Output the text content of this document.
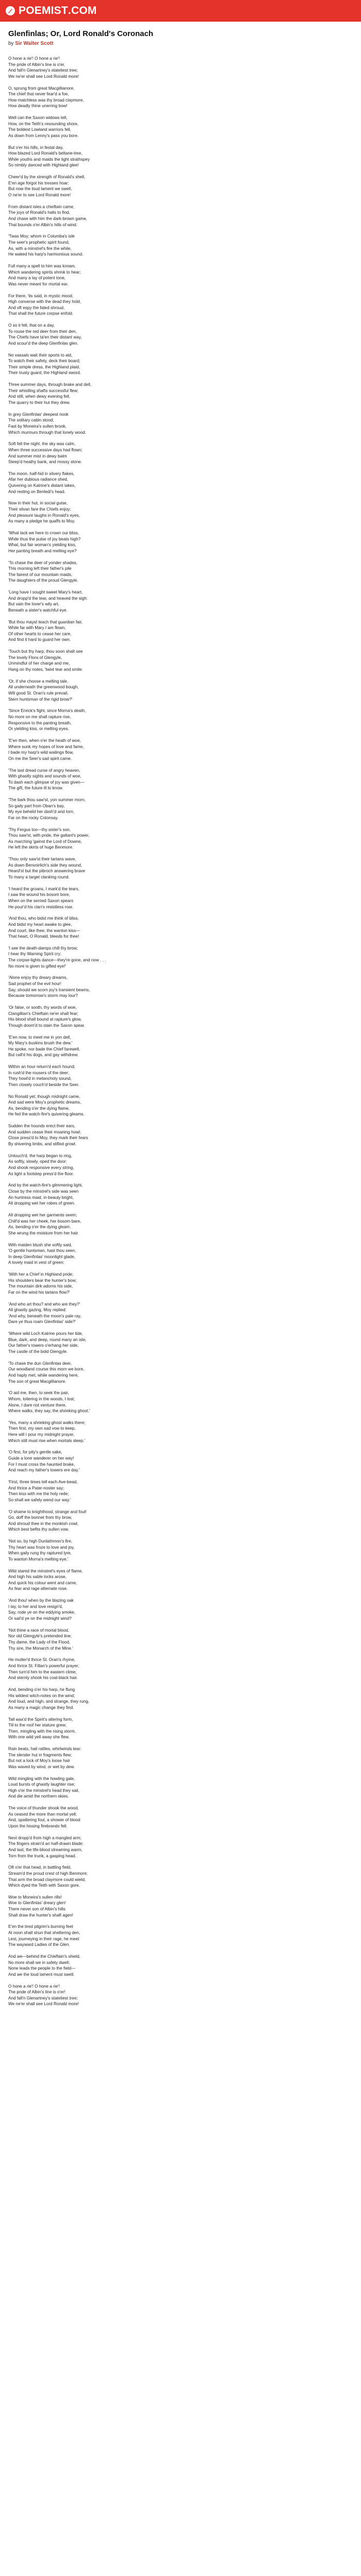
POEMIST .COM
Glenfinlas; Or, Lord Ronald's Coronach
by Sir Walter Scott
O hone a rie'! O hone a rie'!
The pride of Albin's line is o'er,
And fall'n Glenartney's stateliest tree;
We ne'er shall see Lord Ronald more!
O, sprung from great Macgillianore,
The chief that never fear'd a foe,
How matchless was thy broad claymore,
How deadly thine unerring bow!
Well can the Saxon widows tell,
How, on the Teith's resounding shore,
The boldest Lowland warriors fell,
As down from Lenny's pass you bore.
But o'er his hills, in festal day,
How blazed Lord Ronald's beltane-tree,
While youths and maids the light strathspey
So nimbly danced with Highland glee!
Cheer'd by the strength of Ronald's shell,
E'en age forgot his tresses hoar;
But now the loud lament we swell,
O ne'er to see Lord Ronald more!
From distant isles a chieftain came,
The joys of Ronald's halls to find,
And chase with him the dark-brown game,
That bounds o'er Albin's hills of wind.
'Twas Moy; whom in Columba's isle
The seer's prophetic spirit found,
As, with a minstrel's fire the while,
He waked his harp's harmonious sound.
Full many a spell to him was known,
Which wandering spirits shrink to hear;
And many a lay of potent tone,
Was never meant for mortal ear.
For there, 'tis said, in mystic mood,
High converse with the dead they hold,
And oft espy the fated shroud,
That shall the future corpse enfold.
O so it fell, that on a day,
To rouse the red deer from their den,
The Chiefs have ta'en their distant way,
And scour'd the deep Glenfinlas glen.
No vassals wait their sports to aid,
To watch their safety, deck their board;
Their simple dress, the Highland plaid,
Their trusty guard, the Highland sword.
Three summer days, through brake and dell,
Their whistling shafts successful flew;
And still, when dewy evening fell,
The quarry to their hut they drew.
In grey Glenfinlas' deepest nook
The solitary cabin stood,
Fast by Moneira's sullen brook,
Which murmurs through that lonely wood.
Soft fell the night, the sky was calm,
When three successive days had flown;
And summer mist in dewy balm
Steep'd heathy bank, and mossy stone.
The moon, half-hid in silvery flakes,
Afar her dubious radiance shed,
Quivering on Katrine's distant lakes,
And resting on Benledi's head.
Now in their hut, in social guise,
Their silvan fare the Chiefs enjoy;
And pleasure laughs in Ronald's eyes,
As many a pledge he quaffs to Moy.
'What lack we here to crown our bliss,
While thus the pulse of joy beats high?
What, but fair woman's yielding kiss,
Her panting breath and melting eye?
'To chase the deer of yonder shades,
This morning left their father's pile
The fairest of our mountain maids,
The daughters of the proud Glengyle.
'Long have I sought sweet Mary's heart,
And dropp'd the tear, and heaved the sigh:
But vain the lover's wily art,
Beneath a sister's watchful eye.
'But thou mayst teach that guardian fair,
While far with Mary I am flown,
Of other hearts to cease her care,
And find it hard to guard her own.
'Touch but thy harp, thou soon shalt see
The lovely Flora of Glengyle,
Unmindful of her charge and me,
Hang on thy notes, 'twixt tear and smile.
'Or, if she choose a melting tale,
All underneath the greenwood bough,
Will good St. Oran's rule prevail,
Stern huntsman of the rigid brow?'
'Since Enrick's fight, since Morna's death,
No more on me shall rapture rise,
Responsive to the panting breath,
Or yielding kiss, or melting eyes.
'E'en then, when o'er the heath of woe,
Where sunk my hopes of love and fame,
I bade my harp's wild wailings flow,
On me the Seer's sad spirit came.
'The last dread curse of angry heaven,
With ghastly sights and sounds of woe,
To dash each glimpse of joy was given—
The gift, the future ill to know.
'The bark thou saw'st, yon summer morn,
So gaily part from Oban's bay,
My eye beheld her dash'd and torn,
Far on the rocky Colonsay.
'Thy Fergus too—thy sister's son,
Thou saw'st, with pride, the gallant's power,
As marching 'gainst the Lord of Downe,
He left the skirts of huge Benmore.
'Thou only saw'st their tartans wave,
As down Benvoirlich's side they wound,
Heard'st but the pibroch answering brave
To many a target clanking round.
'I heard the groans, I mark'd the tears,
I saw the wound his bosom bore,
When on the serried Saxon spears
He pour'd his clan's resistless roar.
'And thou, who bidst me think of bliss,
And bidst my heart awake to glee,
And court, like thee, the wanton kiss—
That heart, O Ronald, bleeds for thee!
'I see the death-damps chill thy brow;
I hear thy Warning Spirit cry;
The corpse-lights dance—they're gone, and now . . .
No more is given to gifted eye!'
'Alone enjoy thy dreary dreams,
Sad prophet of the evil hour!
Say, should we scorn joy's transient beams,
Because tomorrow's storm may lour?
'Or false, or sooth, thy words of woe,
Clangillian's Chieftain ne'er shall fear;
His blood shall bound at rapture's glow,
Though doom'd to stain the Saxon spear.
'E'en now, to meet me in yon dell,
My Mary's buskins brush the dew.'
He spoke, nor bade the Chief farewell,
But call'd his dogs, and gay withdrew.
Within an hour return'd each hound;
In rush'd the rousers of the deer;
They howl'd in melancholy sound,
Then closely couch'd beside the Seer.
No Ronald yet; though midnight came,
And sad were Moy's prophetic dreams,
As, bending o'er the dying flame,
He fed the watch-fire's quivering gleams.
Sudden the hounds erect their ears,
And sudden cease their moaning howl;
Close press'd to Moy, they mark their fears
By shivering limbs, and stifled growl.
Untouch'd, the harp began to ring,
As softly, slowly, oped the door;
And shook responsive every string,
As light a footstep press'd the floor.
And by the watch-fire's glimmering light,
Close by the minstrel's side was seen
An huntress maid, in beauty bright,
All dropping wet her robes of green.
All dropping wet her garments seem;
Chill'd was her cheek, her bosom bare,
As, bending o'er the dying gleam,
She wrung the moisture from her hair.
With maiden blush she softly said,
'O gentle huntsman, hast thou seen,
In deep Glenfinlas' moonlight glade,
A lovely maid in vest of green:
'With her a Chief in Highland pride;
His shoulders bear the hunter's bow;
The mountain dirk adorns his side,
Far on the wind his tartans flow?'
'And who art thou? and who are they?'
All ghastly gazing, Moy replied:
'And why, beneath the moon's pale ray,
Dare ye thus roam Glenfinlas' side?'
'Where wild Loch Katrine pours her tide,
Blue, dark, and deep, round many an isle,
Our father's towers o'erhang her side,
The castle of the bold Glengyle.
'To chase the dun Glenfinlas deer,
Our woodland course this morn we bore,
And haply met, while wandering here,
The son of great Macgillianore.
'O aid me, then, to seek the pair,
Whom, loitering in the woods, I lost;
Alone, I dare not venture there,
Where walks, they say, the shrieking ghost.'
'Yes, many a shrieking ghost walks there;
Then first, my own sad vow to keep,
Here will I pour my midnight prayer,
Which still must rise when mortals sleep.'
'O first, for pity's gentle sake,
Guide a lone wanderer on her way!
For I must cross the haunted brake,
And reach my father's towers ere day.'
'First, three times tell each Ave-bead,
And thrice a Pater-noster say;
Then kiss with me the holy rede;
So shall we safely wend our way.'
'O shame to knighthood, strange and foul!
Go, doff the bonnet from thy brow,
And shroud thee in the monkish cowl,
Which best befits thy sullen vow.
'Not so, by high Dunlathmon's fire,
Thy heart was froze to love and joy,
When gaily rung thy raptured lyre,
To wanton Morna's melting eye.'
Wild stared the minstrel's eyes of flame,
And high his sable locks arose,
And quick his colour went and came,
As fear and rage alternate rose.
'And thou! when by the blazing oak
I lay, to her and love resign'd,
Say, rode ye on the eddying smoke,
Or sail'd ye on the midnight wind?
'Not thine a race of mortal blood,
Nor old Glengyle's pretended line;
Thy dame, the Lady of the Flood,
Thy sire, the Monarch of the Mine.'
He mutter'd thrice St. Oran's rhyme,
And thrice St. Fillan's powerful prayer;
Then turn'd him to the eastern clime,
And sternly shook his coal-black hair.
And, bending o'er his harp, he flung
His wildest witch-notes on the wind;
And loud, and high, and strange, they rung,
As many a magic change they find.
Tall wax'd the Spirit's altering form,
Till to the roof her stature grew;
Then, mingling with the rising storm,
With one wild yell away she flew.
Rain beats, hail rattles, whirlwinds tear:
The slender hut in fragments flew;
But not a lock of Moy's loose hair
Was waved by wind, or wet by dew.
Wild mingling with the howling gale,
Loud bursts of ghastly laughter rise;
High o'er the minstrel's head they sail,
And die amid the northern skies.
The voice of thunder shook the wood,
As ceased the more than mortal yell;
And, spattering foul, a shower of blood
Upon the hissing firebrands fell.
Next dropp'd from high a mangled arm;
The fingers strain'd an half-drawn blade:
And last, the life-blood streaming warm,
Torn from the trunk, a gasping head.
Oft o'er that head, in battling field,
Stream'd the proud crest of high Benmore;
That arm the broad claymore could wield,
Which dyed the Teith with Saxon gore.
Woe to Moneira's sullen rills!
Woe to Glenfinlas' dreary glen!
There never son of Albin's hills
Shall draw the hunter's shaft agen!
E'en the tired pilgrim's burning feet
At noon shall shun that sheltering den,
Lest, journeying in their rage, he meet
The wayward Ladies of the Glen.
And we—behind the Chieftain's shield,
No more shall we in safety dwell;
None leads the people to the field—
And we the loud lament must swell.
O hone a rie'! O hone a rie'!
The pride of Albin's line is o'er!
And fall'n Glenartney's stateliest tree;
We ne'er shall see Lord Ronald more!
